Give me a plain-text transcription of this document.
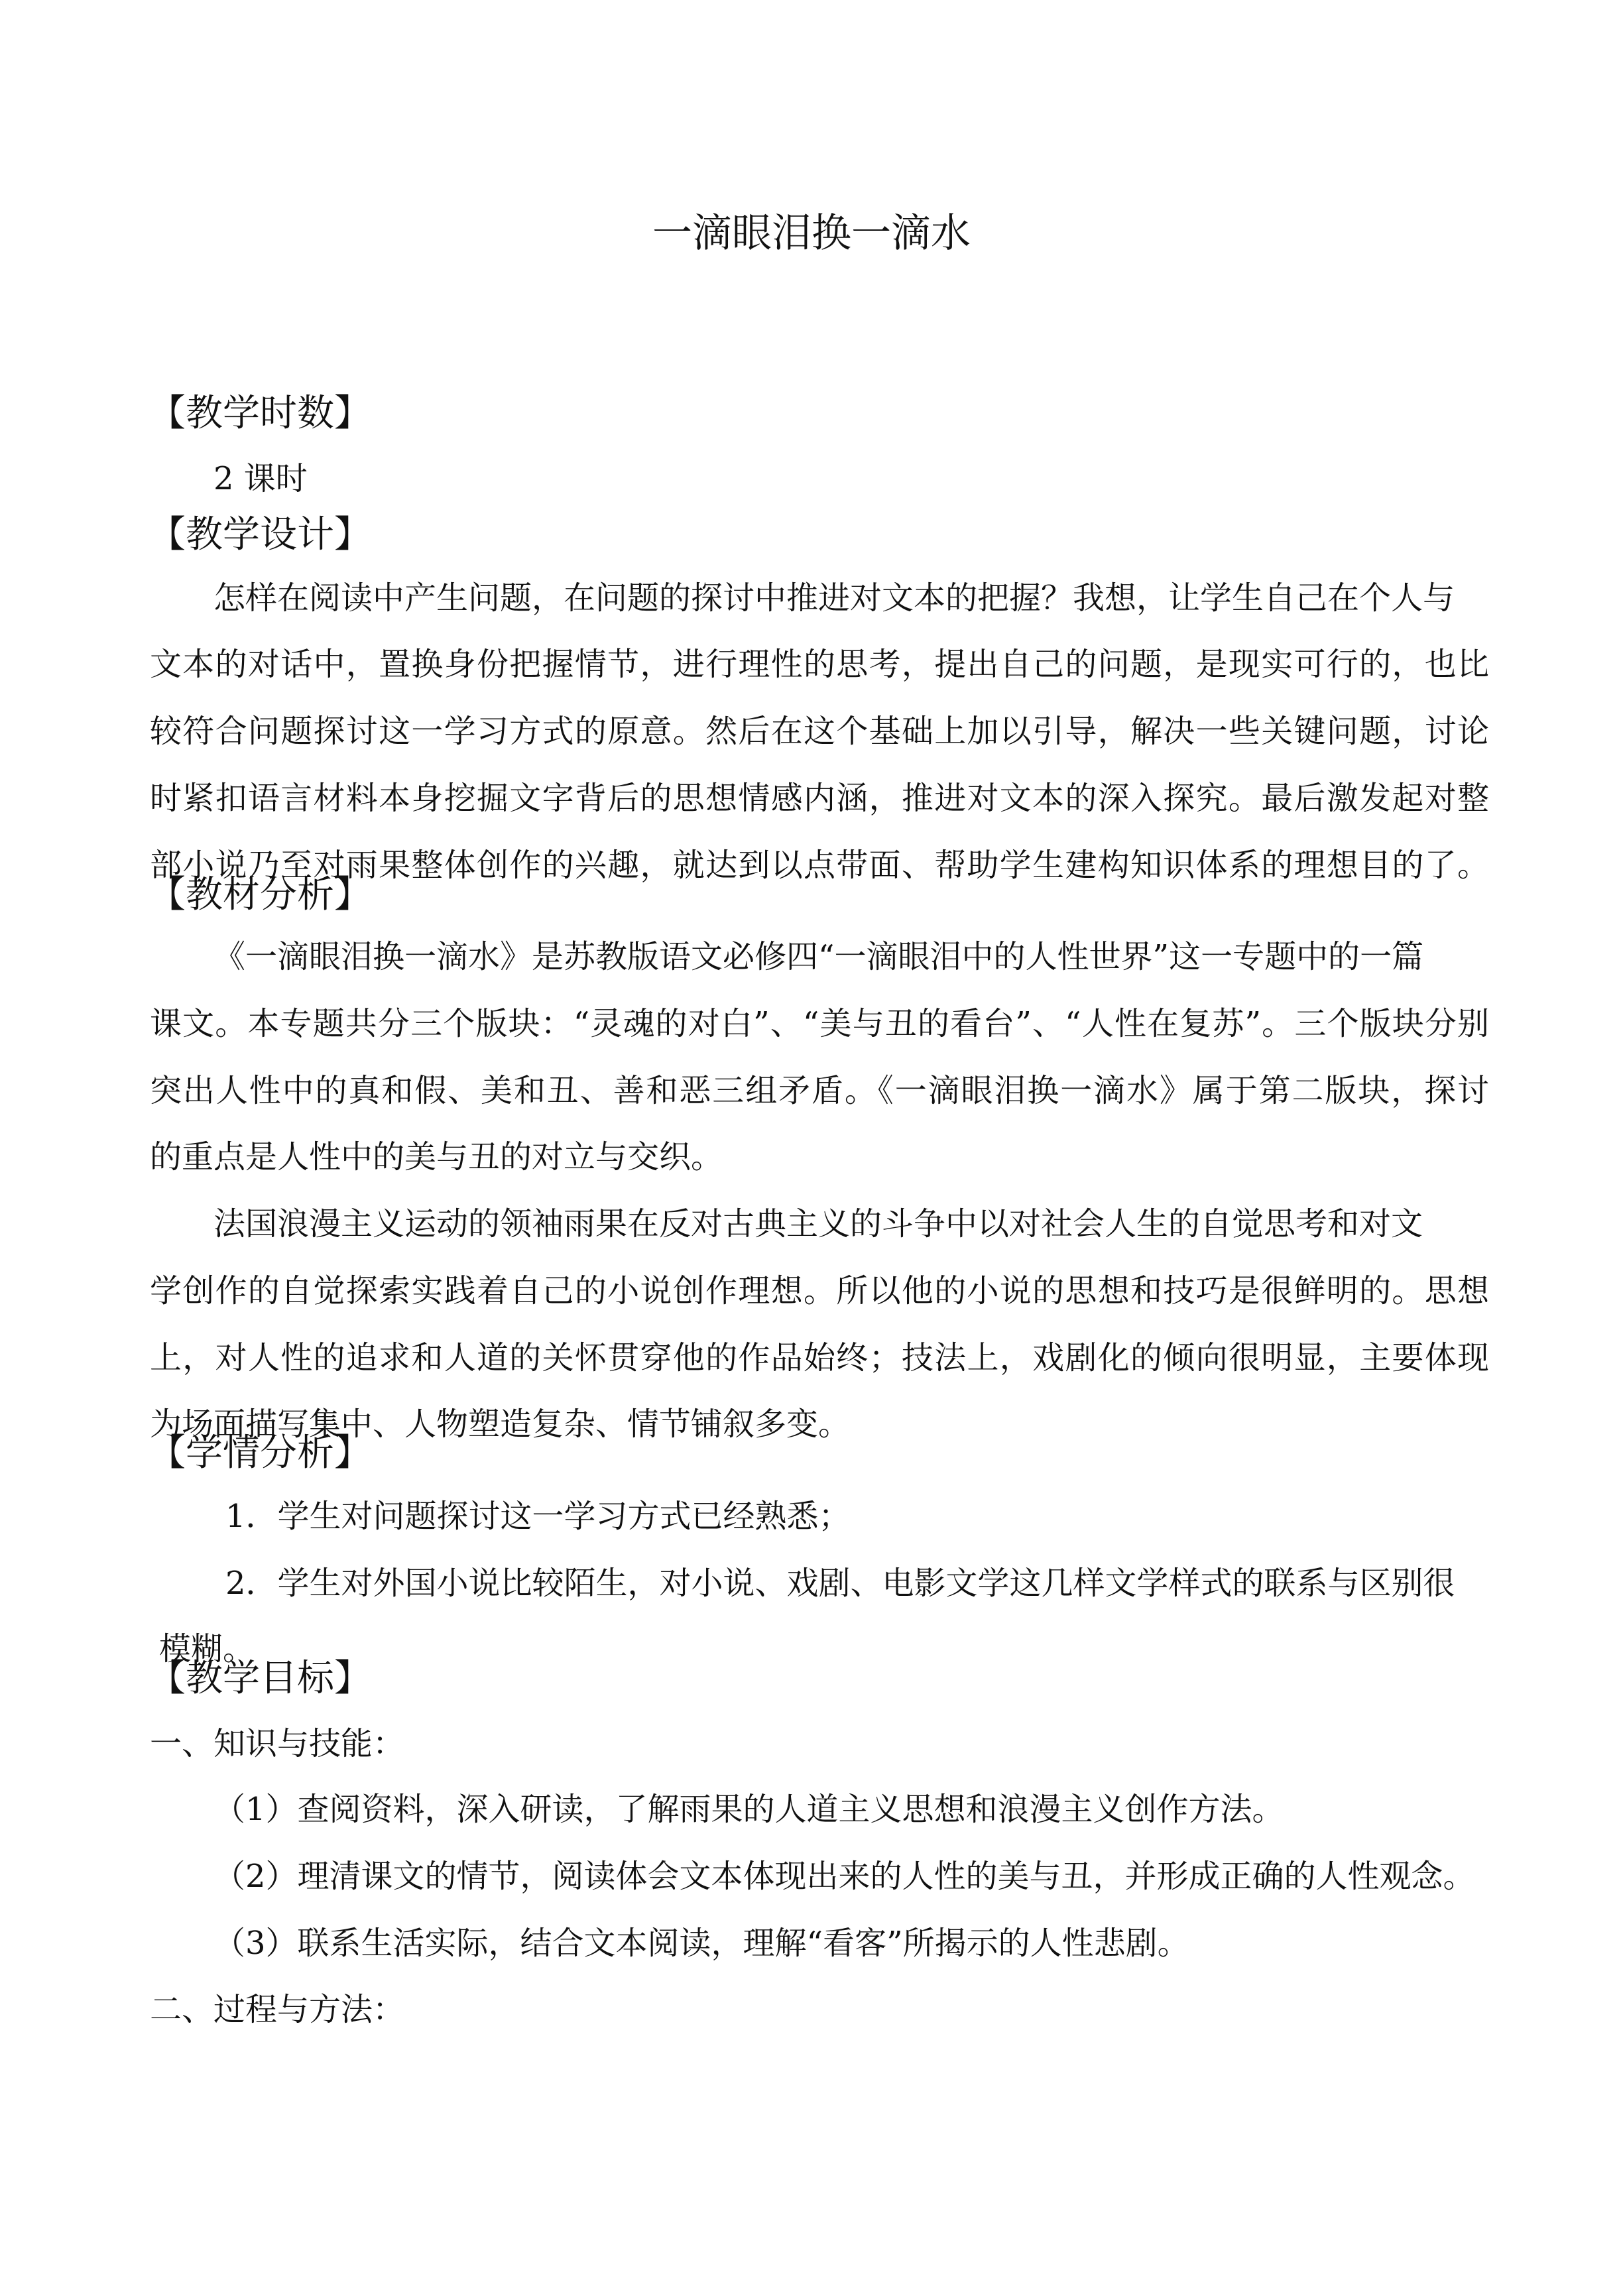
一滴眼泪换一滴水
【教学时数】
2 课时
【教学设计】
怎样在阅读中产生问题，在问题的探讨中推进对文本的把握？我想，让学生自己在个人与
文本的对话中，置换身份把握情节，进行理性的思考，提出自己的问题，是现实可行的，也比
较符合问题探讨这一学习方式的原意。然后在这个基础上加以引导，解决一些关键问题，讨论
时紧扣语言材料本身挖掘文字背后的思想情感内涵，推进对文本的深入探究。最后激发起对整
部小说乃至对雨果整体创作的兴趣，就达到以点带面、帮助学生建构知识体系的理想目的了。
【教材分析】
《一滴眼泪换一滴水》是苏教版语文必修四“一滴眼泪中的人性世界”这一专题中的一篇
课文。本专题共分三个版块：“灵魂的对白”、“美与丑的看台”、“人性在复苏”。三个版块分别
突出人性中的真和假、美和丑、善和恶三组矛盾。《一滴眼泪换一滴水》属于第二版块，探讨
的重点是人性中的美与丑的对立与交织。
法国浪漫主义运动的领袖雨果在反对古典主义的斗争中以对社会人生的自觉思考和对文
学创作的自觉探索实践着自己的小说创作理想。所以他的小说的思想和技巧是很鲜明的。思想
上，对人性的追求和人道的关怀贯穿他的作品始终；技法上，戏剧化的倾向很明显，主要体现
为场面描写集中、人物塑造复杂、情节铺叙多变。
【学情分析】
1．学生对问题探讨这一学习方式已经熟悉；
2．学生对外国小说比较陌生，对小说、戏剧、电影文学这几样文学样式的联系与区别很
模糊。
【教学目标】
一、知识与技能：
（1）查阅资料，深入研读，了解雨果的人道主义思想和浪漫主义创作方法。
（2）理清课文的情节，阅读体会文本体现出来的人性的美与丑，并形成正确的人性观念。
（3）联系生活实际，结合文本阅读，理解“看客”所揭示的人性悲剧。
二、过程与方法：
